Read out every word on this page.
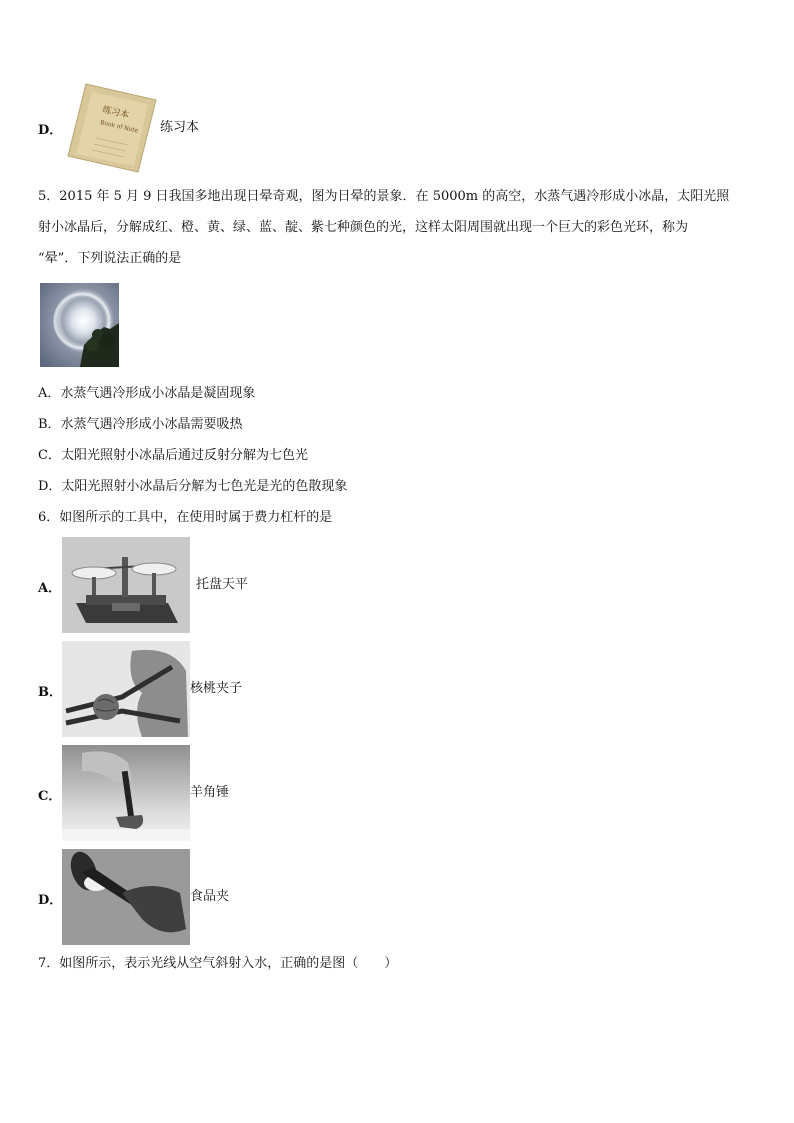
D．
练习本
Book of Note 练习本
5．2015 年 5 月 9 日我国多地出现日晕奇观，图为日晕的景象．在 5000m 的高空，水蒸气遇冷形成小冰晶，太阳光照
射小冰晶后，分解成红、橙、黄、绿、蓝、靛、紫七种颜色的光，这样太阳周围就出现一个巨大的彩色光环，称为
“晕”．下列说法正确的是
A．水蒸气遇冷形成小冰晶是凝固现象
B．水蒸气遇冷形成小冰晶需要吸热
C．太阳光照射小冰晶后通过反射分解为七色光
D．太阳光照射小冰晶后分解为七色光是光的色散现象
6．如图所示的工具中，在使用时属于费力杠杆的是
A．	托盘天平
B．	核桃夹子
C．	羊角锤
D．	食品夹
7．如图所示，表示光线从空气斜射入水，正确的是图（　　）
